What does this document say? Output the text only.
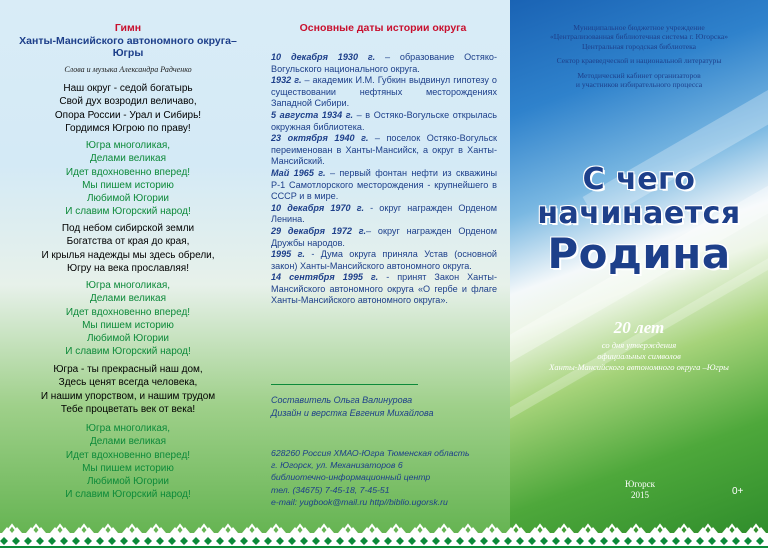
Гимн
Ханты-Мансийского автономного округа–
Югры
Слова и музыка Александра Радченко
Наш округ - седой богатырь
Свой дух возродил величаво,
Опора России - Урал и Сибирь!
Гордимся Югрою по праву!
Югра многоликая,
Делами великая
Идет вдохновенно вперед!
Мы пишем историю
Любимой Югории
И славим Югорский народ!
Под небом сибирской земли
Богатства от края до края,
И крылья надежды мы здесь обрели,
Югру на века прославляя!
Югра многоликая,
Делами великая
Идет вдохновенно вперед!
Мы пишем историю
Любимой Югории
И славим Югорский народ!
Югра - ты прекрасный наш дом,
Здесь ценят всегда человека,
И нашим упорством, и нашим трудом
Тебе процветать век от века!
Югра многоликая,
Делами великая
Идет вдохновенно вперед!
Мы пишем историю
Любимой Югории
И славим Югорский народ!
Основные даты истории округа

10 декабря 1930 г. – образование Остяко-Вогульского национального округа.

1932 г. – академик И.М. Губкин выдвинул гипотезу о существовании нефтяных месторождениях Западной Сибири.

5 августа 1934 г. – в Остяко-Вогульске открылась окружная библиотека.

23 октября 1940 г. – поселок Остяко-Вогульск переименован в Ханты-Мансийск, а округ в Ханты-Мансийский.

Май 1965 г. – первый фонтан нефти из скважины Р-1 Самотлорского месторождения - крупнейшего в СССР и в мире.

10 декабря 1970 г. - округ награжден Орденом Ленина.

29 декабря 1972 г.– округ награжден Орденом Дружбы народов.

1995 г. - Дума округа приняла Устав (основной закон) Ханты-Мансийского автономного округа.

14 сентября 1995 г. - принят Закон Ханты-Мансийского автономного округа «О гербе и флаге Ханты-Мансийского автономного округа».

Составитель Ольга Валинурова
Дизайн и верстка Евгения Михайлова
628260 Россия ХМАО-Югра Тюменская область
г. Югорск, ул. Механизаторов 6
библиотечно-информационный центр
тел. (34675) 7-45-18, 7-45-51
e-mail: yugbook@mail.ru http//biblio.ugorsk.ru
Муниципальное бюджетное учреждение
«Централизованная библиотечная система г. Югорска»
Центральная городская библиотека
Сектор краеведческой и национальной литературы
Методический кабинет организаторов
и участников избирательного процесса
С чего
начинается
Родина
20 лет
со дня утверждения
официальных символов
Ханты-Мансийского автономного округа –Югры
Югорск
2015	0+
